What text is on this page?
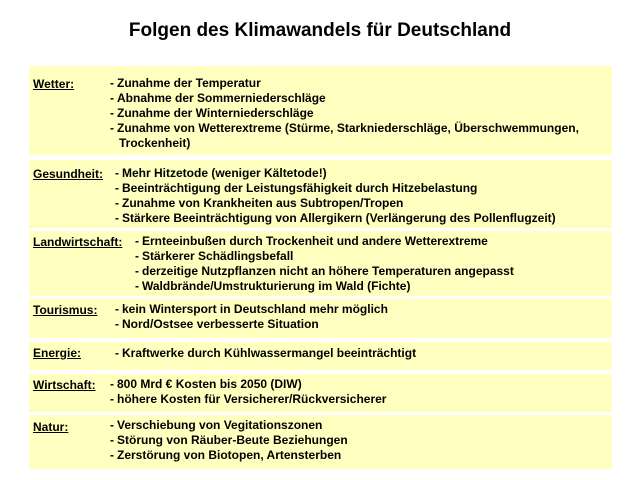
Folgen des Klimawandels für Deutschland
Wetter:	- Zunahme der Temperatur
- Abnahme der Sommerniederschläge
- Zunahme der Winterniederschläge
- Zunahme von Wetterextreme (Stürme, Starkniederschläge, Überschwemmungen, Trockenheit)
Gesundheit: - Mehr Hitzetode (weniger Kältetode!)
- Beeinträchtigung der Leistungsfähigkeit durch Hitzebelastung
- Zunahme von Krankheiten aus Subtropen/Tropen
- Stärkere Beeinträchtigung von Allergikern (Verlängerung des Pollenflugzeit)
Landwirtschaft: - Ernteeinbußen durch Trockenheit und andere Wetterextreme
- Stärkerer Schädlingsbefall
- derzeitige Nutzpflanzen nicht an höhere Temperaturen angepasst
- Waldbrände/Umstrukturierung im Wald (Fichte)
Tourismus: - kein Wintersport in Deutschland mehr möglich
- Nord/Ostsee verbesserte Situation
Energie:	- Kraftwerke durch Kühlwassermangel beeinträchtigt
Wirtschaft: - 800 Mrd € Kosten bis 2050 (DIW)
- höhere Kosten für Versicherer/Rückversicherer
Natur:	- Verschiebung von Vegitationszonen
- Störung von Räuber-Beute Beziehungen
- Zerstörung von Biotopen, Artensterben
